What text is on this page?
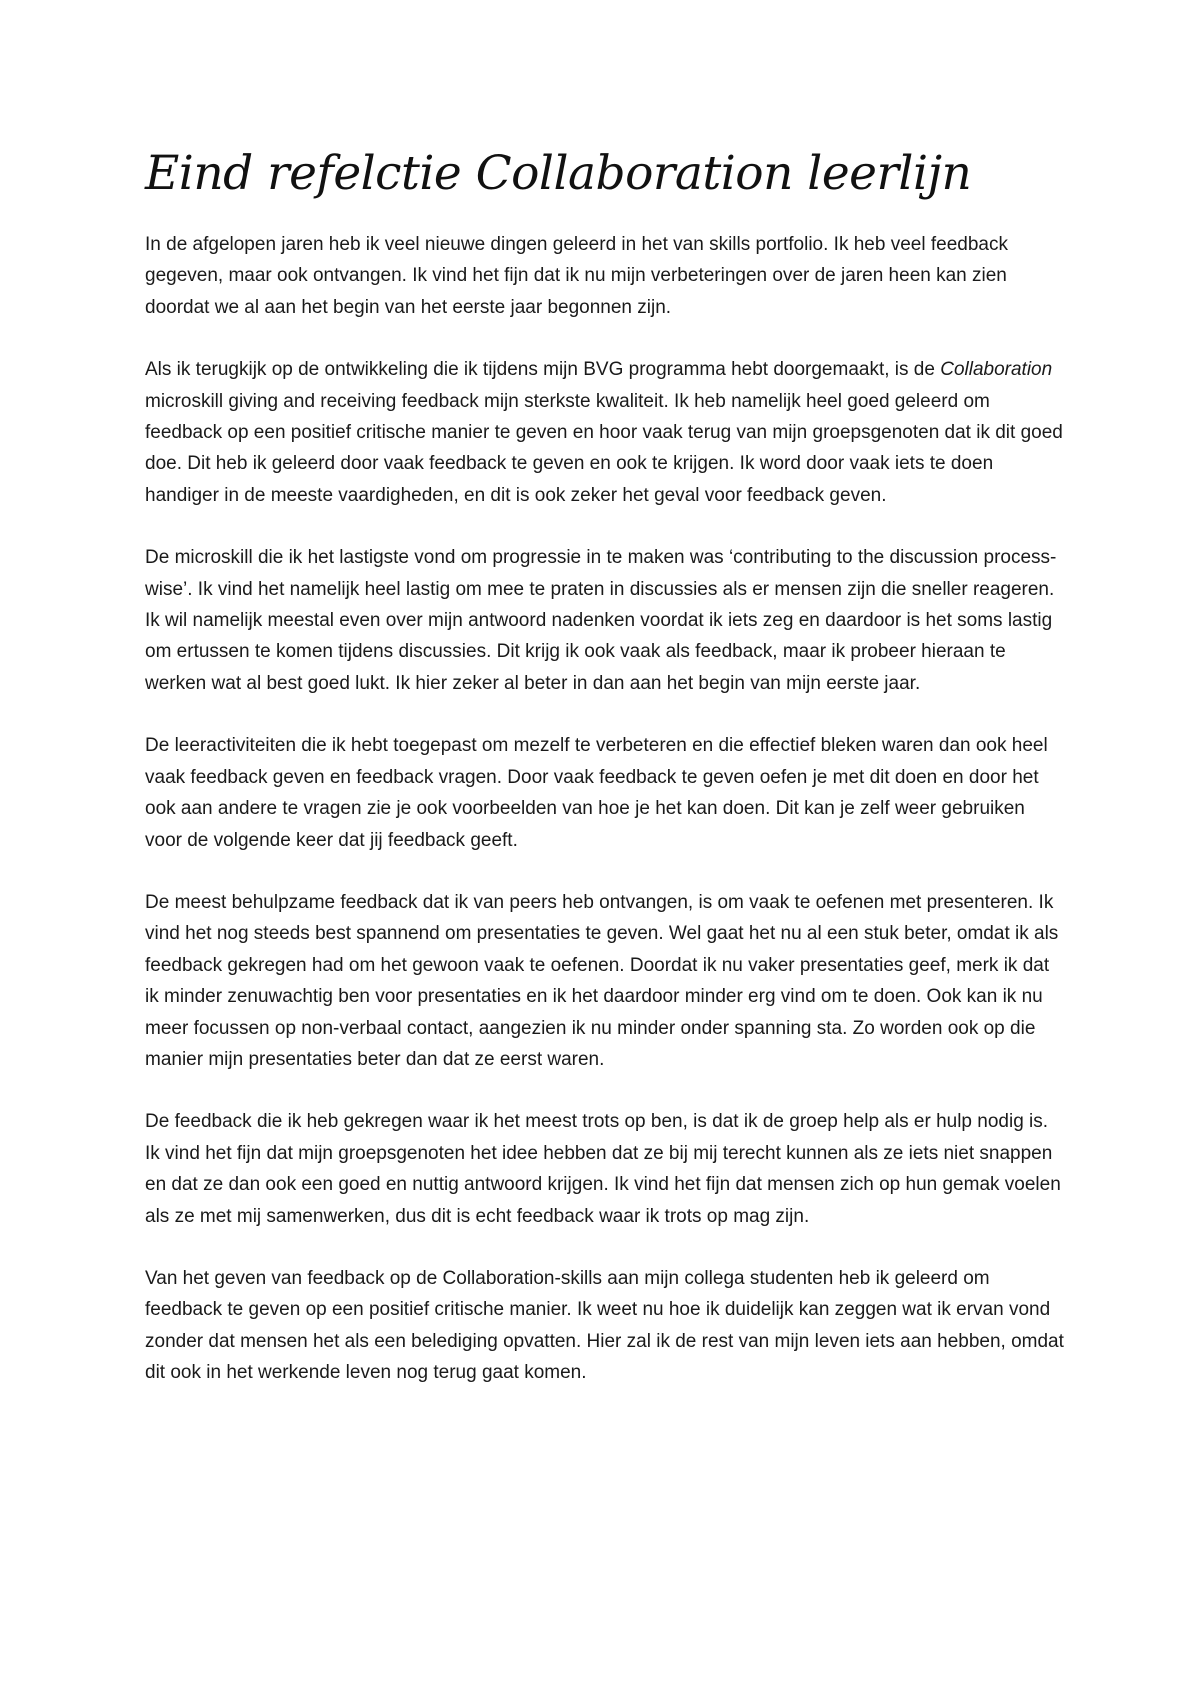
Eind refelctie Collaboration leerlijn

In de afgelopen jaren heb ik veel nieuwe dingen geleerd in het van skills portfolio. Ik heb veel feedback gegeven, maar ook ontvangen. Ik vind het fijn dat ik nu mijn verbeteringen over de jaren heen kan zien doordat we al aan het begin van het eerste jaar begonnen zijn.

Als ik terugkijk op de ontwikkeling die ik tijdens mijn BVG programma hebt doorgemaakt, is de Collaboration microskill giving and receiving feedback mijn sterkste kwaliteit. Ik heb namelijk heel goed geleerd om feedback op een positief critische manier te geven en hoor vaak terug van mijn groepsgenoten dat ik dit goed doe. Dit heb ik geleerd door vaak feedback te geven en ook te krijgen. Ik word door vaak iets te doen handiger in de meeste vaardigheden, en dit is ook zeker het geval voor feedback geven.

De microskill die ik het lastigste vond om progressie in te maken was ‘contributing to the discussion process-wise’. Ik vind het namelijk heel lastig om mee te praten in discussies als er mensen zijn die sneller reageren. Ik wil namelijk meestal even over mijn antwoord nadenken voordat ik iets zeg en daardoor is het soms lastig om ertussen te komen tijdens discussies. Dit krijg ik ook vaak als feedback, maar ik probeer hieraan te werken wat al best goed lukt. Ik hier zeker al beter in dan aan het begin van mijn eerste jaar.

De leeractiviteiten die ik hebt toegepast om mezelf te verbeteren en die effectief bleken waren dan ook heel vaak feedback geven en feedback vragen. Door vaak feedback te geven oefen je met dit doen en door het ook aan andere te vragen zie je ook voorbeelden van hoe je het kan doen. Dit kan je zelf weer gebruiken voor de volgende keer dat jij feedback geeft.

De meest behulpzame feedback dat ik van peers heb ontvangen, is om vaak te oefenen met presenteren. Ik vind het nog steeds best spannend om presentaties te geven. Wel gaat het nu al een stuk beter, omdat ik als feedback gekregen had om het gewoon vaak te oefenen. Doordat ik nu vaker presentaties geef, merk ik dat ik minder zenuwachtig ben voor presentaties en ik het daardoor minder erg vind om te doen. Ook kan ik nu meer focussen op non-verbaal contact, aangezien ik nu minder onder spanning sta. Zo worden ook op die manier mijn presentaties beter dan dat ze eerst waren.

De feedback die ik heb gekregen waar ik het meest trots op ben, is dat ik de groep help als er hulp nodig is. Ik vind het fijn dat mijn groepsgenoten het idee hebben dat ze bij mij terecht kunnen als ze iets niet snappen en dat ze dan ook een goed en nuttig antwoord krijgen. Ik vind het fijn dat mensen zich op hun gemak voelen als ze met mij samenwerken, dus dit is echt feedback waar ik trots op mag zijn.

Van het geven van feedback op de Collaboration-skills aan mijn collega studenten heb ik geleerd om feedback te geven op een positief critische manier. Ik weet nu hoe ik duidelijk kan zeggen wat ik ervan vond zonder dat mensen het als een belediging opvatten. Hier zal ik de rest van mijn leven iets aan hebben, omdat dit ook in het werkende leven nog terug gaat komen.
